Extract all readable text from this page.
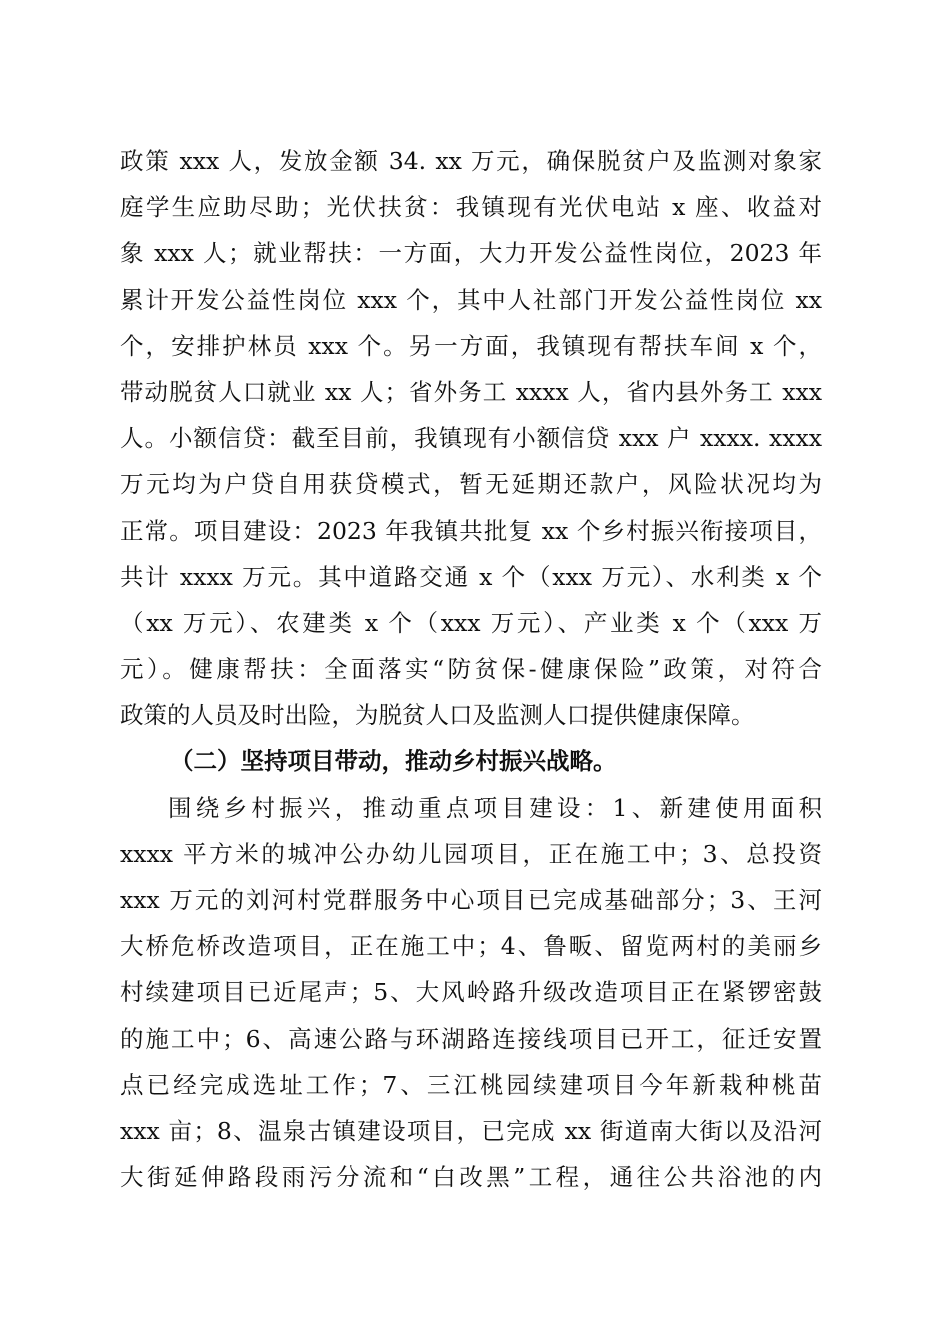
政策 xxx 人，发放金额 34. xx 万元，确保脱贫户及监测对象家
庭学生应助尽助；光伏扶贫：我镇现有光伏电站 x 座、收益对
象 xxx 人；就业帮扶：一方面，大力开发公益性岗位，2023 年
累计开发公益性岗位 xxx 个，其中人社部门开发公益性岗位 xx
个，安排护林员 xxx 个。另一方面，我镇现有帮扶车间 x 个，
带动脱贫人口就业 xx 人；省外务工 xxxx 人，省内县外务工 xxx
人。小额信贷：截至目前，我镇现有小额信贷 xxx 户 xxxx. xxxx
万元均为户贷自用获贷模式，暂无延期还款户，风险状况均为
正常。项目建设：2023 年我镇共批复 xx 个乡村振兴衔接项目，
共计 xxxx 万元。其中道路交通 x 个（xxx 万元）、水利类 x 个
（xx 万元）、农建类 x 个（xxx 万元）、产业类 x 个（xxx 万
元）。健康帮扶：全面落实“防贫保-健康保险”政策，对符合
政策的人员及时出险，为脱贫人口及监测人口提供健康保障。
（二）坚持项目带动，推动乡村振兴战略。
围绕乡村振兴，推动重点项目建设：1、新建使用面积
xxxx 平方米的城冲公办幼儿园项目，正在施工中；3、总投资
xxx 万元的刘河村党群服务中心项目已完成基础部分；3、王河
大桥危桥改造项目，正在施工中；4、鲁畈、留览两村的美丽乡
村续建项目已近尾声；5、大风岭路升级改造项目正在紧锣密鼓
的施工中；6、高速公路与环湖路连接线项目已开工，征迁安置
点已经完成选址工作；7、三江桃园续建项目今年新栽种桃苗
xxx 亩；8、温泉古镇建设项目，已完成 xx 街道南大街以及沿河
大街延伸路段雨污分流和“白改黑”工程，通往公共浴池的内
